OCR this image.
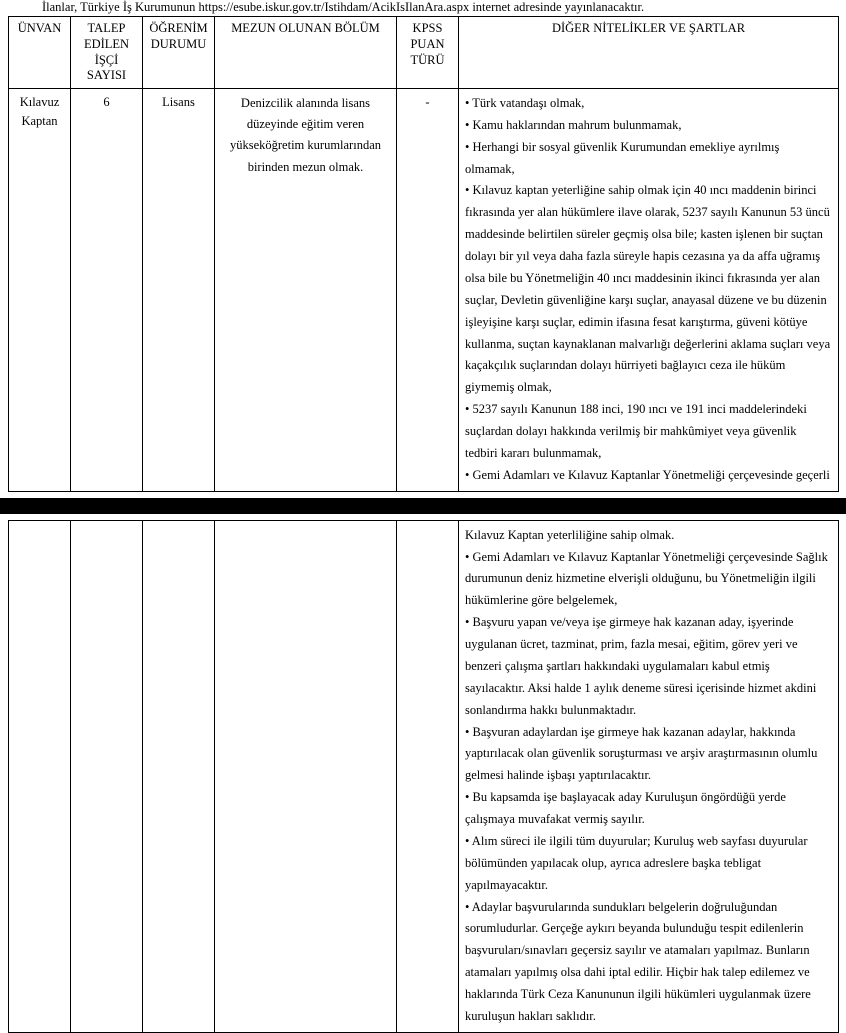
İlanlar, Türkiye İş Kurumunun https://esube.iskur.gov.tr/Istihdam/AcikIsIlanAra.aspx internet adresinde yayınlanacaktır.
ÜNVAN	TALEP
EDİLEN
İŞÇİ SAYISI	ÖĞRENİM
DURUMU	MEZUN OLUNAN BÖLÜM	KPSS
PUAN
TÜRÜ	DİĞER NİTELİKLER VE ŞARTLAR
Kılavuz
Kaptan	6	Lisans	Denizcilik alanında lisans düzeyinde eğitim veren yükseköğretim kurumlarından birinden mezun olmak.	-	• Türk vatandaşı olmak,

• Kamu haklarından mahrum bulunmamak,

• Herhangi bir sosyal güvenlik Kurumundan emekliye ayrılmış olmamak,

• Kılavuz kaptan yeterliğine sahip olmak için 40 ıncı maddenin birinci fıkrasında yer alan hükümlere ilave olarak, 5237 sayılı Kanunun 53 üncü maddesinde belirtilen süreler geçmiş olsa bile; kasten işlenen bir suçtan dolayı bir yıl veya daha fazla süreyle hapis cezasına ya da affa uğramış olsa bile bu Yönetmeliğin 40 ıncı maddesinin ikinci fıkrasında yer alan suçlar, Devletin güvenliğine karşı suçlar, anayasal düzene ve bu düzenin işleyişine karşı suçlar, edimin ifasına fesat karıştırma, güveni kötüye kullanma, suçtan kaynaklanan malvarlığı değerlerini aklama suçları veya kaçakçılık suçlarından dolayı hürriyeti bağlayıcı ceza ile hüküm giymemiş olmak,

• 5237 sayılı Kanunun 188 inci, 190 ıncı ve 191 inci maddelerindeki suçlardan dolayı hakkında verilmiş bir mahkûmiyet veya güvenlik tedbiri kararı bulunmamak,

• Gemi Adamları ve Kılavuz Kaptanlar Yönetmeliği çerçevesinde geçerli

Kılavuz Kaptan yeterliliğine sahip olmak.

• Gemi Adamları ve Kılavuz Kaptanlar Yönetmeliği çerçevesinde Sağlık durumunun deniz hizmetine elverişli olduğunu, bu Yönetmeliğin ilgili hükümlerine göre belgelemek,

• Başvuru yapan ve/veya işe girmeye hak kazanan aday, işyerinde uygulanan ücret, tazminat, prim, fazla mesai, eğitim, görev yeri ve benzeri çalışma şartları hakkındaki uygulamaları kabul etmiş sayılacaktır. Aksi halde 1 aylık deneme süresi içerisinde hizmet akdini sonlandırma hakkı bulunmaktadır.

• Başvuran adaylardan işe girmeye hak kazanan adaylar, hakkında yaptırılacak olan güvenlik soruşturması ve arşiv araştırmasının olumlu gelmesi halinde işbaşı yaptırılacaktır.

• Bu kapsamda işe başlayacak aday Kuruluşun öngördüğü yerde çalışmaya muvafakat vermiş sayılır.

• Alım süreci ile ilgili tüm duyurular; Kuruluş web sayfası duyurular bölümünden yapılacak olup, ayrıca adreslere başka tebligat yapılmayacaktır.

• Adaylar başvurularında sundukları belgelerin doğruluğundan sorumludurlar. Gerçeğe aykırı beyanda bulunduğu tespit edilenlerin başvuruları/sınavları geçersiz sayılır ve atamaları yapılmaz. Bunların atamaları yapılmış olsa dahi iptal edilir. Hiçbir hak talep edilemez ve haklarında Türk Ceza Kanununun ilgili hükümleri uygulanmak üzere kuruluşun hakları saklıdır.
